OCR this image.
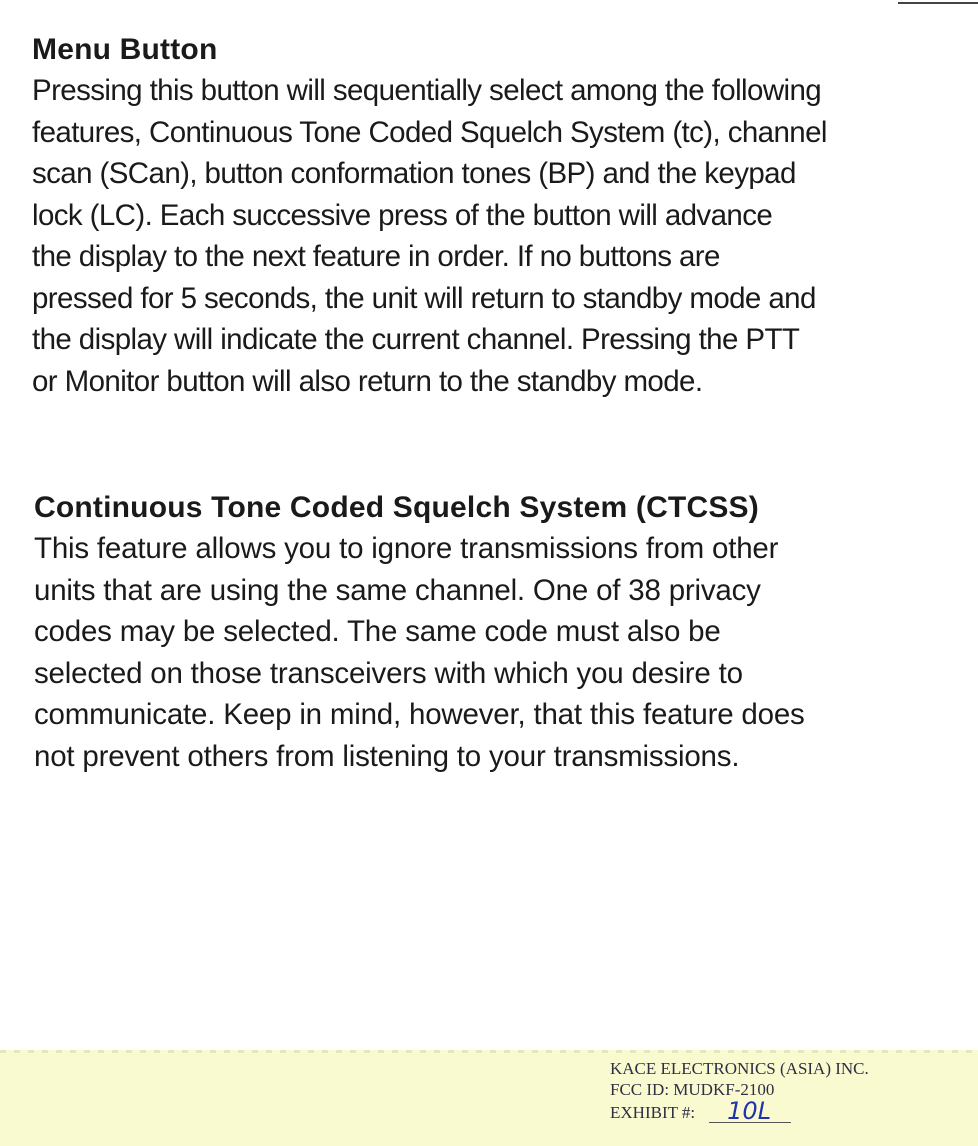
Menu Button

Pressing this button will sequentially select among the following
features, Continuous Tone Coded Squelch System (tc), channel
scan (SCan), button conformation tones (BP) and the keypad
lock (LC). Each successive press of the button will advance
the display to the next feature in order. If no buttons are
pressed for 5 seconds, the unit will return to standby mode and
the display will indicate the current channel. Pressing the PTT
or Monitor button will also return to the standby mode.

Continuous Tone Coded Squelch System (CTCSS)

This feature allows you to ignore transmissions from other
units that are using the same channel. One of 38 privacy
codes may be selected. The same code must also be
selected on those transceivers with which you desire to
communicate. Keep in mind, however, that this feature does
not prevent others from listening to your transmissions.

KACE ELECTRONICS (ASIA) INC.
FCC ID: MUDKF-2100
EXHIBIT #: 10L
